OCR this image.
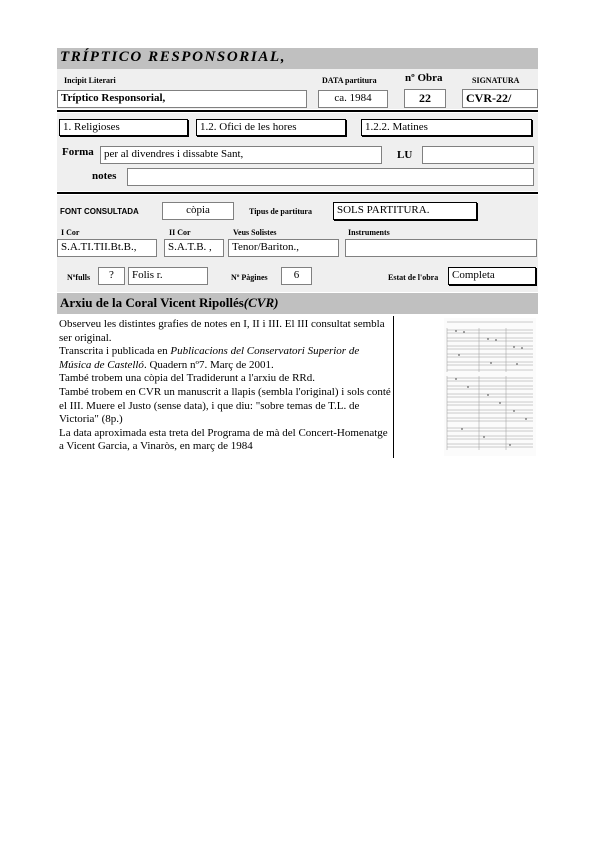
TRÍPTICO RESPONSORIAL,
Incipit Literari	DATA partitura	nº Obra	SIGNATURA
Tríptico Responsorial,	ca. 1984	22	CVR-22/
1. Religioses	1.2. Ofici de les hores	1.2.2. Matines
Forma per al divendres i dissabte Sant,	LU
notes
FONT CONSULTADA	còpia	Tipus de partitura	SOLS PARTITURA.
I Cor	II Cor	Veus Solistes	Instruments
S.A.TI.TII.Bt.B.,	S.A.T.B. ,	Tenor/Bariton.,
Nºfulls	?	Folis r.	Nº Pàgines	6	Estat de l'obra	Completa
Arxiu de la Coral Vicent Ripollés(CVR)
Observeu les distintes grafies de notes en I, II i III. El III consultat sembla ser original.
Transcrita i publicada en Publicacions del Conservatori Superior de Música de Castelló. Quadern nº7. Març de 2001.
També trobem una còpia del Tradiderunt a l'arxiu de RRd.
També trobem en CVR un manuscrit a llapis (sembla l'original) i sols conté el III. Muere el Justo (sense data), i que diu: "sobre temas de T.L. de Victoria" (8p.)
La data aproximada esta treta del Programa de mà del Concert-Homenatge a Vicent Garcia, a Vinaròs, en març de 1984
